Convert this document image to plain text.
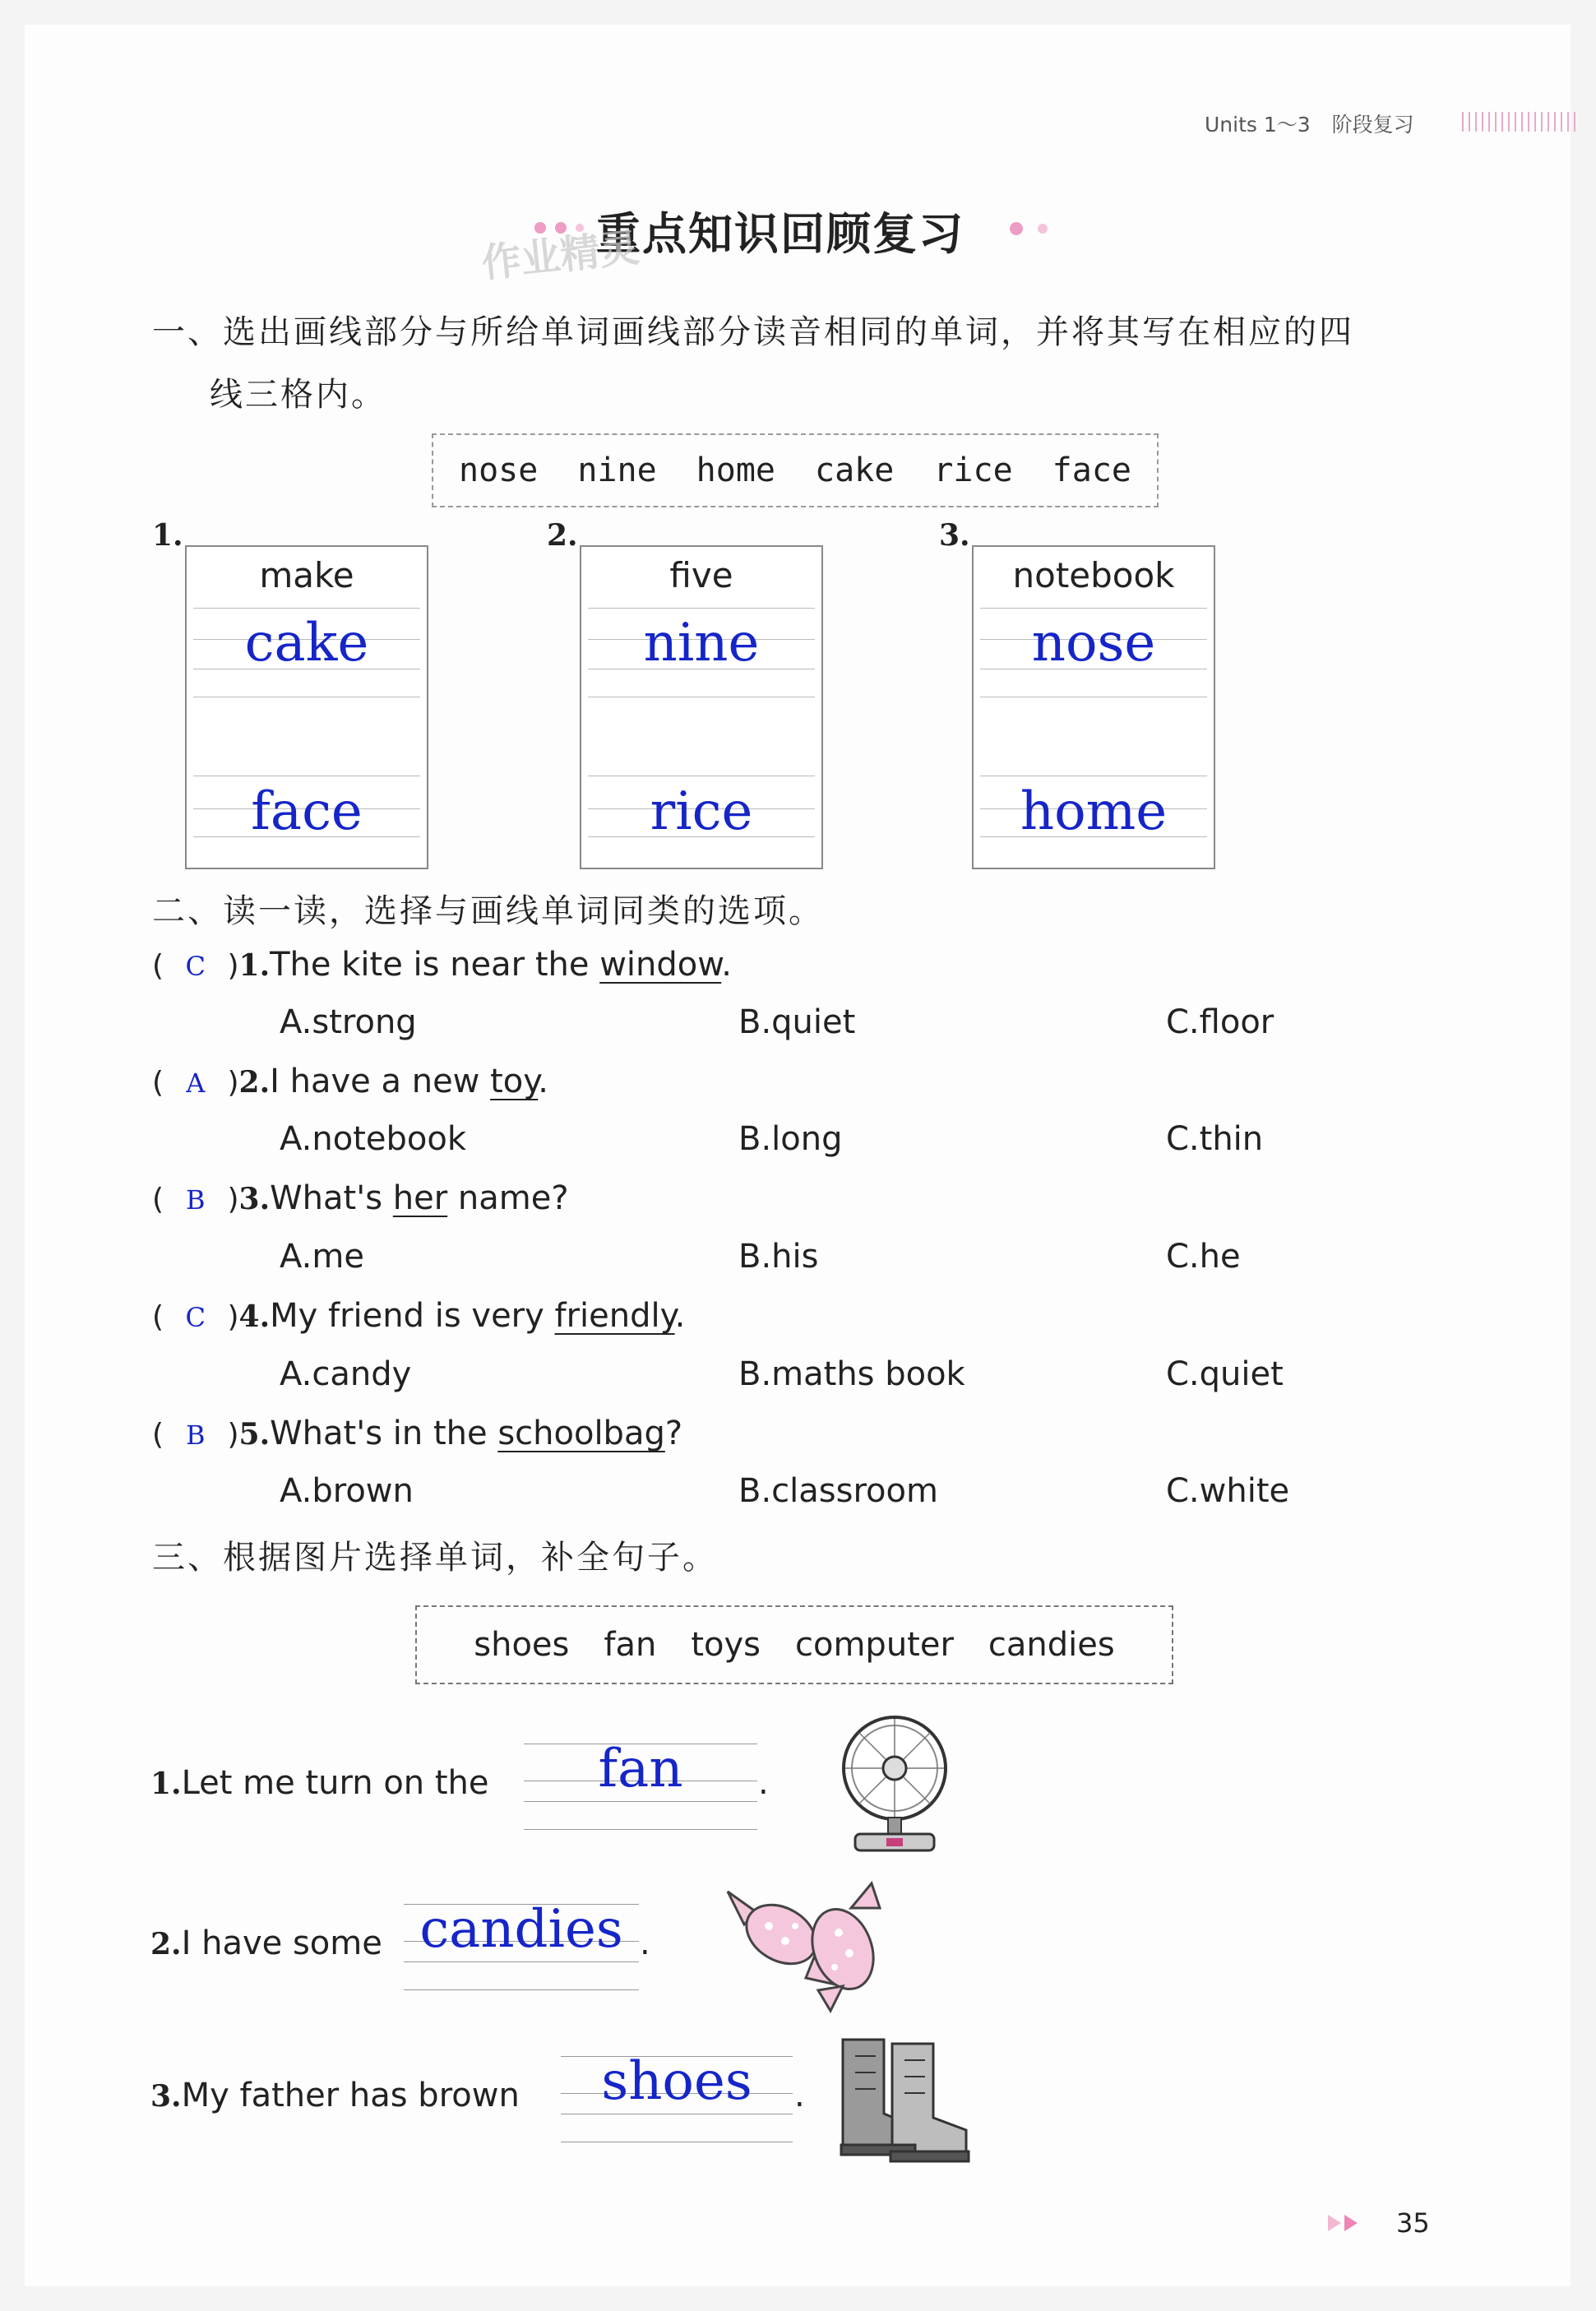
Units 1～3 阶段复习
重点知识回顾复习
作业精灵
一、选出画线部分与所给单词画线部分读音相同的单词，并将其写在相应的四
线三格内。
nose nine home cake rice face
1.
make
cake
face
2.
five
nine
rice
3.
notebook
nose
home
二、读一读，选择与画线单词同类的选项。
( C )1.The kite is near the window.
A.strong	B.quiet	C.floor
( A )2.I have a new toy.
A.notebook	B.long	C.thin
( B )3.What's her name?
A.me	B.his	C.he
( C )4.My friend is very friendly.
A.candy	B.maths book	C.quiet
( B )5.What's in the schoolbag?
A.brown	B.classroom	C.white
三、根据图片选择单词，补全句子。
shoes fan toys computer candies
1.Let me turn on the	fan	.
2.I have some candies .
3.My father has brown	shoes	.
35
